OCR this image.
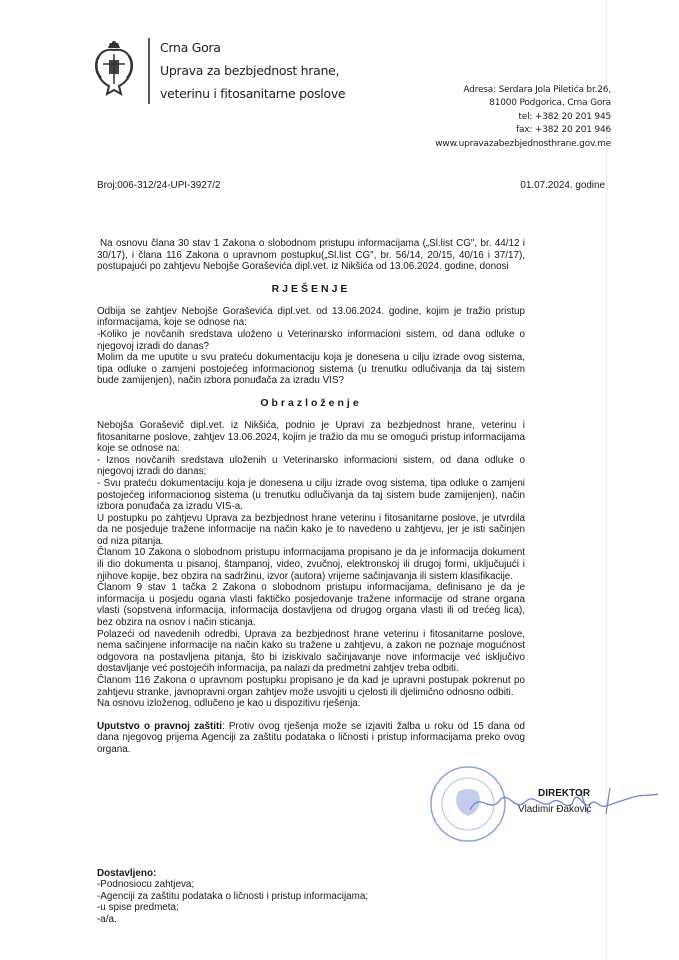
Crna Gora
Uprava za bezbjednost hrane,
veterinu i fitosanitarne poslove	Adresa: Serdara Jola Piletića br.26,
81000 Podgorica, Crna Gora
tel: +382 20 201 945
fax: +382 20 201 946
www.upravazabezbjednosthrane.gov.me
Broj:006-312/24-UPI-3927/2	01.07.2024. godine
Na osnovu člana 30 stav 1 Zakona o slobodnom pristupu informacijama („Sl.list CG", br. 44/12 i 30/17), i člana 116 Zakona o upravnom postupku(„Sl.list CG", br. 56/14, 20/15, 40/16 i 37/17), postupajući po zahtjevu Nebojše Goraševića dipl.vet. iz Nikšića od 13.06.2024. godine, donosi
RJEŠENJE

Odbija se zahtjev Nebojše Goraševića dipl.vet. od 13.06.2024. godine, kojim je tražio pristup informacijama, koje se odnose na:

-Koliko je novčanih sredstava uloženo u Veterinarsko informacioni sistem, od dana odluke o njegovoj izradi do danas?

Molim da me uputite u svu prateću dokumentaciju koja je donesena u cilju izrade ovog sistema, tipa odluke o zamjeni postojećeg informacionog sistema (u trenutku odlučivanja da taj sistem bude zamijenjen), način izbora ponuđača za izradu VIS?

Obrazloženje

Nebojša Goraševič dipl.vet. iz Nikšića, podnio je Upravi za bezbjednost hrane, veterinu i fitosanitarne poslove, zahtjev 13.06.2024, kojim je tražio da mu se omogući pristup informacijama koje se odnose na:

- Iznos novčanih sredstava uloženih u Veterinarsko informacioni sistem, od dana odluke o njegovoj izradi do danas;

- Svu prateću dokumentaciju koja je donesena u cilju izrade ovog sistema, tipa odluke o zamjeni postojećeg informacionog sistema (u trenutku odlučivanja da taj sistem bude zamijenjen), način izbora ponuđača za izradu VIS-a.

U postupku po zahtjevu Uprava za bezbjednost hrane veterinu i fitosanitarne poslove, je utvrdila da ne posjeduje tražene informacije na način kako je to navedeno u zahtjevu, jer je isti sačinjen od niza pitanja.

Članom 10 Zakona o slobodnom pristupu informacijama propisano je da je informacija dokument ili dio dokumenta u pisanoj, štampanoj, video, zvučnoj, elektronskoj ili drugoj formi, uključujući i njihove kopije, bez obzira na sadržinu, izvor (autora) vrijeme sačinjavanja ili sistem klasifikacije.

Članom 9 stav 1 tačka 2 Zakona o slobodnom pristupu informacijama, definisano je da je informacija u posjedu ogana vlasti faktičko posjedovanje tražene informacije od strane organa vlasti (sopstvena informacija, informacija dostavljena od drugog organa vlasti ili od trećeg lica), bez obzira na osnov i način sticanja.

Polazeći od navedenih odredbi, Uprava za bezbjednost hrane veterinu i fitosanitarne poslove, nema sačinjene informacije na način kako su tražene u zahtjevu, a zakon ne poznaje mogućnost odgovora na postavljena pitanja, što bi iziskivalo sačinjavanje nove informacije već isključivo dostavljanje već postojećih informacija, pa nalazi da predmetni zahtjev treba odbiti.

Članom 116 Zakona o upravnom postupku propisano je da kad je upravni postupak pokrenut po zahtjevu stranke, javnopravni organ zahtjev može usvojiti u cjelosti ili djelimično odnosno odbiti.

Na osnovu izloženog, odlučeno je kao u dispozitivu rješenja.

Uputstvo o pravnoj zaštiti: Protiv ovog rješenja može se izjaviti žalba u roku od 15 dana od dana njegovog prijema Agenciji za zaštitu podataka o ličnosti i pristup informacijama preko ovog organa.
DIREKTOR
Vladimir Đaković
Dostavljeno:
-Podnosiocu zahtjeva;
-Agenciji za zaštitu podataka o ličnosti i pristup informacijama;
-u spise predmeta;
-a/a.
